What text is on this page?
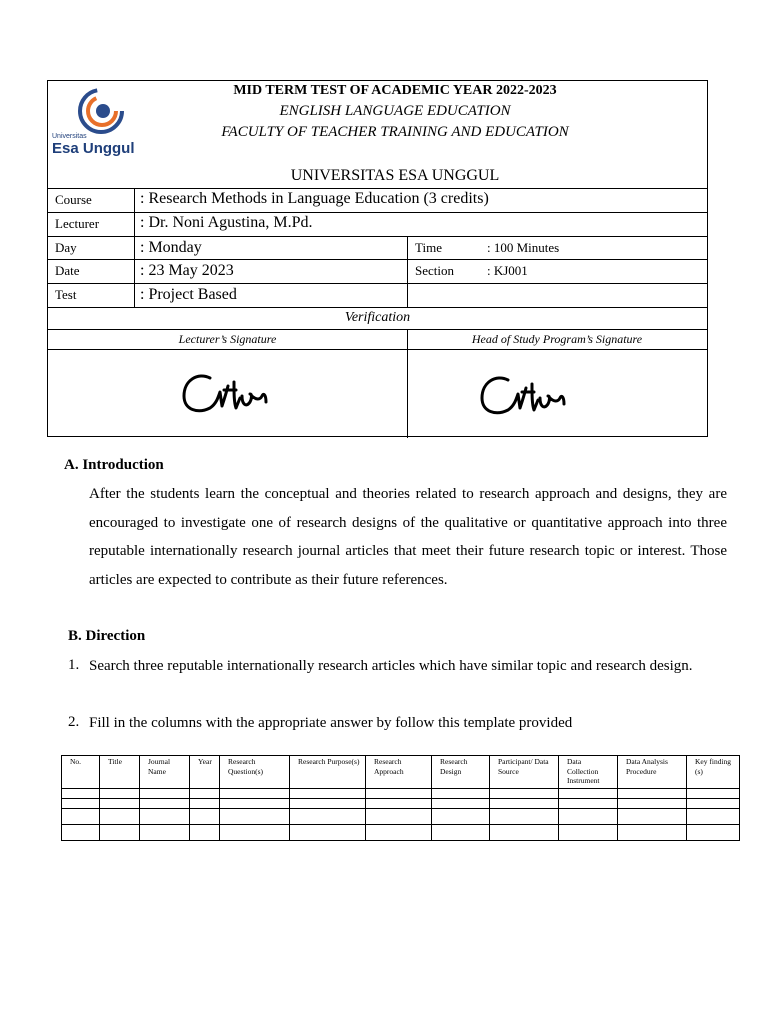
Universitas
Esa Unggul
MID TERM TEST OF ACADEMIC YEAR 2022-2023
ENGLISH LANGUAGE EDUCATION
FACULTY OF TEACHER TRAINING AND EDUCATION
UNIVERSITAS ESA UNGGUL
Course	: Research Methods in Language Education (3 credits)
Lecturer	: Dr. Noni Agustina, M.Pd.
Day	: Monday	Time	: 100 Minutes
Date	: 23 May 2023	Section	: KJ001
Test	: Project Based
Verification
Lecturer’s Signature	Head of Study Program’s Signature
A. Introduction
After the students learn the conceptual and theories related to research approach and designs, they are encouraged to investigate one of research designs of the qualitative or quantitative approach into three reputable internationally research journal articles that meet their future research topic or interest. Those articles are expected to contribute as their future references.
B. Direction
1. Search three reputable internationally research articles which have similar topic and research design.
2. Fill in the columns with the appropriate answer by follow this template provided
No.	Title	Journal Name	Year	Research Question(s)	Research Purpose(s)	Research Approach	Research Design	Participant/ Data Source	Data Collection Instrument	Data Analysis Procedure	Key finding (s)
